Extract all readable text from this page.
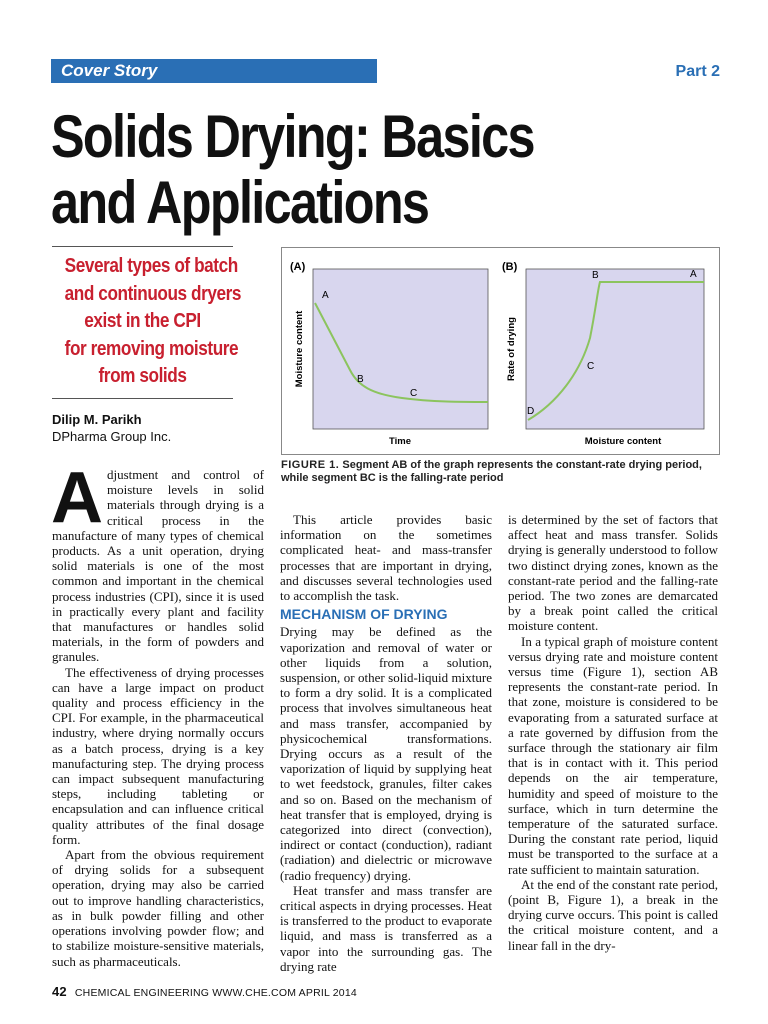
Cover Story	Part 2
Solids Drying: Basics
and Applications
Several types of batch
and continuous dryers
exist in the CPI
for removing moisture
from solids
Dilip M. Parikh
DPharma Group Inc.
(A)
A
B
C
Time
Moisture content
(B)
B	A
C
D
Moisture content
Rate of drying
FIGURE 1. Segment AB of the graph represents the constant-rate drying period, while segment BC is the falling-rate period

Adjustment and control of moisture levels in solid materials through drying is a critical process in the manufacture of many types of chemical products. As a unit operation, drying solid materials is one of the most common and important in the chemical process industries (CPI), since it is used in practically every plant and facility that manufactures or handles solid materials, in the form of powders and granules.

The effectiveness of drying processes can have a large impact on product quality and process efficiency in the CPI. For example, in the pharmaceutical industry, where drying normally occurs as a batch process, drying is a key manufacturing step. The drying process can impact subsequent manufacturing steps, including tableting or encapsulation and can influence critical quality attributes of the final dosage form.

Apart from the obvious requirement of drying solids for a subsequent operation, drying may also be carried out to improve handling characteristics, as in bulk powder filling and other operations involving powder flow; and to stabilize moisture-sensitive materials, such as pharmaceuticals.

This article provides basic information on the sometimes complicated heat- and mass-transfer processes that are important in drying, and discusses several technologies used to accomplish the task.

MECHANISM OF DRYING

Drying may be defined as the vaporization and removal of water or other liquids from a solution, suspension, or other solid-liquid mixture to form a dry solid. It is a complicated process that involves simultaneous heat and mass transfer, accompanied by physicochemical transformations. Drying occurs as a result of the vaporization of liquid by supplying heat to wet feedstock, granules, filter cakes and so on. Based on the mechanism of heat transfer that is employed, drying is categorized into direct (convection), indirect or contact (conduction), radiant (radiation) and dielectric or microwave (radio frequency) drying.

Heat transfer and mass transfer are critical aspects in drying processes. Heat is transferred to the product to evaporate liquid, and mass is transferred as a vapor into the surrounding gas. The drying rate

is determined by the set of factors that affect heat and mass transfer. Solids drying is generally understood to follow two distinct drying zones, known as the constant-rate period and the falling-rate period. The two zones are demarcated by a break point called the critical moisture content.

In a typical graph of moisture content versus drying rate and moisture content versus time (Figure 1), section AB represents the constant-rate period. In that zone, moisture is considered to be evaporating from a saturated surface at a rate governed by diffusion from the surface through the stationary air film that is in contact with it. This period depends on the air temperature, humidity and speed of moisture to the surface, which in turn determine the temperature of the saturated surface. During the constant rate period, liquid must be transported to the surface at a rate sufficient to maintain saturation.

At the end of the constant rate period, (point B, Figure 1), a break in the drying curve occurs. This point is called the critical moisture content, and a linear fall in the dry-

42 CHEMICAL ENGINEERING WWW.CHE.COM APRIL 2014
